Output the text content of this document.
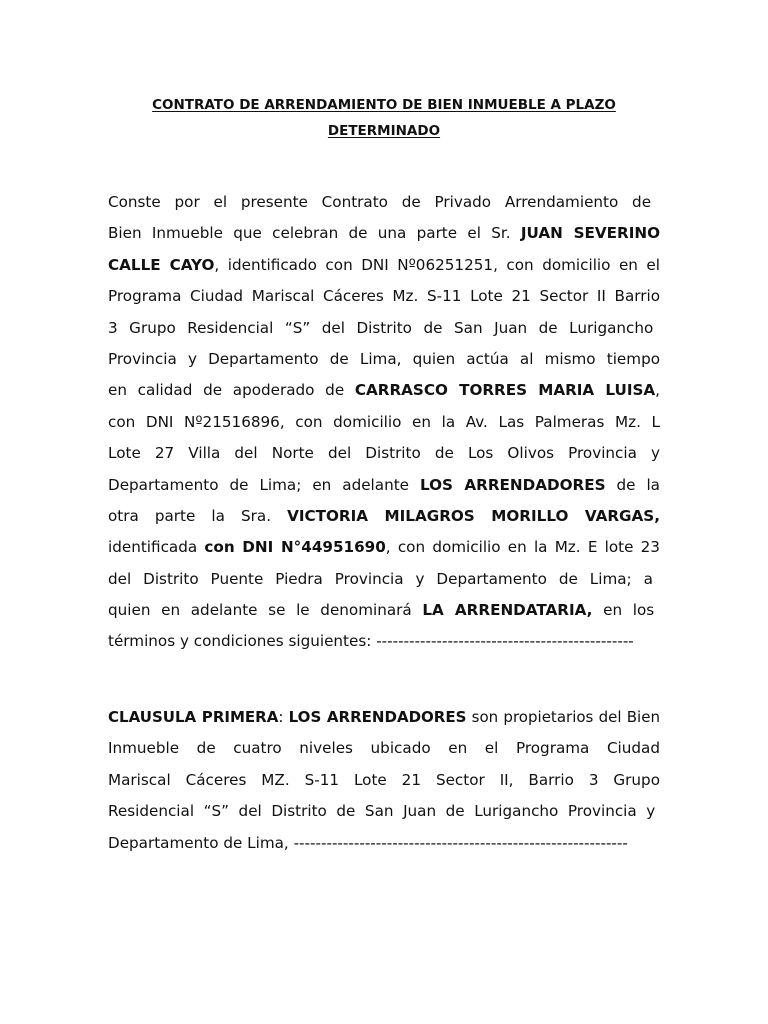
CONTRATO DE ARRENDAMIENTO DE BIEN INMUEBLE A PLAZO
DETERMINADO
Conste por el presente Contrato de Privado Arrendamiento de
Bien Inmueble que celebran de una parte el Sr. JUAN SEVERINO
CALLE CAYO, identificado con DNI Nº06251251, con domicilio en el
Programa Ciudad Mariscal Cáceres Mz. S-11 Lote 21 Sector II Barrio
3 Grupo Residencial “S” del Distrito de San Juan de Lurigancho
Provincia y Departamento de Lima, quien actúa al mismo tiempo
en calidad de apoderado de CARRASCO TORRES MARIA LUISA,
con DNI Nº21516896, con domicilio en la Av. Las Palmeras Mz. L
Lote 27 Villa del Norte del Distrito de Los Olivos Provincia y
Departamento de Lima; en adelante LOS ARRENDADORES de la
otra parte la Sra. VICTORIA MILAGROS MORILLO VARGAS,
identificada con DNI N°44951690, con domicilio en la Mz. E lote 23
del Distrito Puente Piedra Provincia y Departamento de Lima; a
quien en adelante se le denominará LA ARRENDATARIA, en los
términos y condiciones siguientes: -----------------------------------------------
CLAUSULA PRIMERA: LOS ARRENDADORES son propietarios del Bien
Inmueble de cuatro niveles ubicado en el Programa Ciudad
Mariscal Cáceres MZ. S-11 Lote 21 Sector II, Barrio 3 Grupo
Residencial “S” del Distrito de San Juan de Lurigancho Provincia y
Departamento de Lima, -------------------------------------------------------------
